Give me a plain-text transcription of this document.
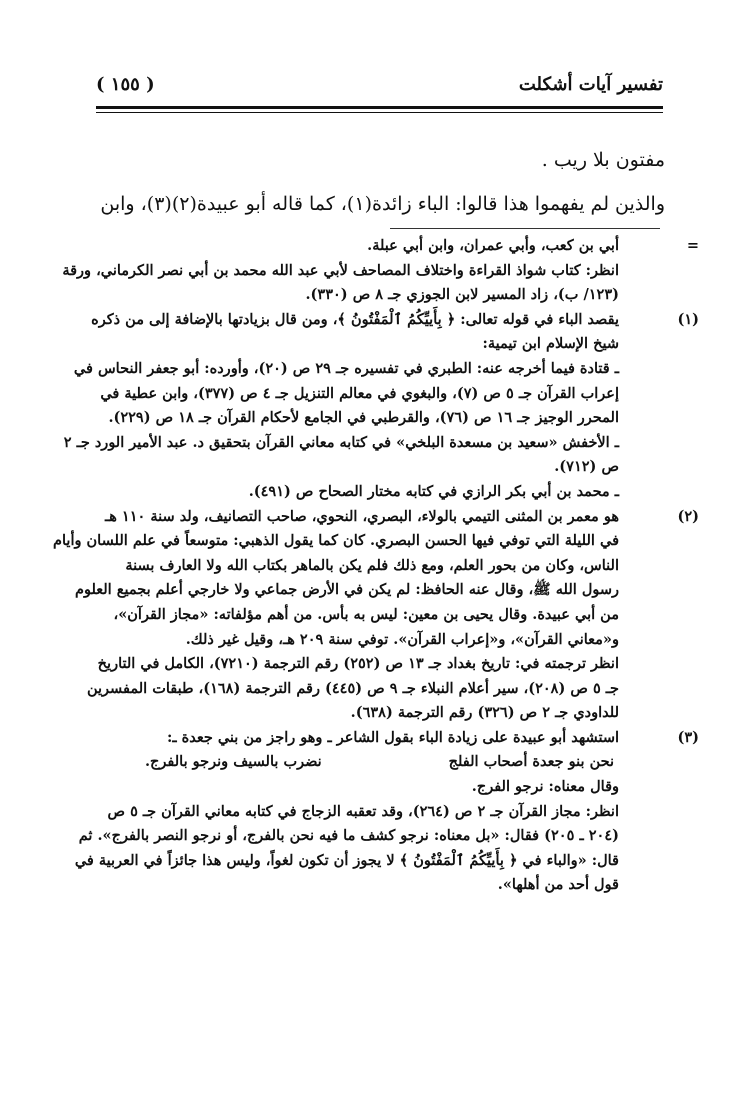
تفسير آيات أشكلت
( ١٥٥ )

مفتون بلا ريب .

والذين لم يفهموا هذا قالوا: الباء زائدة(١)، كما قاله أبو عبيدة(٢)(٣)، وابن

=أبي بن كعب، وأبي عمران، وابن أبي عبلة.
انظر: كتاب شواذ القراءة واختلاف المصاحف لأبي عبد الله محمد بن أبي نصر الكرماني، ورقة
(١٢٣/ ب)، زاد المسير لابن الجوزي جـ ٨ ص (٣٣٠).
(١)يقصد الباء في قوله تعالى: ﴿ بِأَييِّكُمُ ٱلْمَفْتُونُ ﴾، ومن قال بزيادتها بالإضافة إلى من ذكره
شيخ الإسلام ابن تيمية:
ـ قتادة فيما أخرجه عنه: الطبري في تفسيره جـ ٢٩ ص (٢٠)، وأورده: أبو جعفر النحاس في
إعراب القرآن جـ ٥ ص (٧)، والبغوي في معالم التنزيل جـ ٤ ص (٣٧٧)، وابن عطية في
المحرر الوجيز جـ ١٦ ص (٧٦)، والقرطبي في الجامع لأحكام القرآن جـ ١٨ ص (٢٢٩).
ـ الأخفش «سعيد بن مسعدة البلخي» في كتابه معاني القرآن بتحقيق د. عبد الأمير الورد جـ ٢
ص (٧١٢).
ـ محمد بن أبي بكر الرازي في كتابه مختار الصحاح ص (٤٩١).
(٢)هو معمر بن المثنى التيمي بالولاء، البصري، النحوي، صاحب التصانيف، ولد سنة ١١٠ هـ
في الليلة التي توفي فيها الحسن البصري. كان كما يقول الذهبي: متوسعاً في علم اللسان وأيام
الناس، وكان من بحور العلم، ومع ذلك فلم يكن بالماهر بكتاب الله ولا العارف بسنة
رسول الله ﷺ، وقال عنه الحافظ: لم يكن في الأرض جماعي ولا خارجي أعلم بجميع العلوم
من أبي عبيدة. وقال يحيى بن معين: ليس به بأس. من أهم مؤلفاته: «مجاز القرآن»،
و«معاني القرآن»، و«إعراب القرآن». توفي سنة ٢٠٩ هـ، وقيل غير ذلك.
انظر ترجمته في: تاريخ بغداد جـ ١٣ ص (٢٥٢) رقم الترجمة (٧٢١٠)، الكامل في التاريخ
جـ ٥ ص (٢٠٨)، سير أعلام النبلاء جـ ٩ ص (٤٤٥) رقم الترجمة (١٦٨)، طبقات المفسرين
للداودي جـ ٢ ص (٣٢٦) رقم الترجمة (٦٣٨).
(٣)استشهد أبو عبيدة على زيادة الباء بقول الشاعر ـ وهو راجز من بني جعدة ـ:
نحن بنو جعدة أصحاب الفلج
نضرب بالسيف ونرجو بالفرج.
وقال معناه: نرجو الفرج.
انظر: مجاز القرآن جـ ٢ ص (٢٦٤)، وقد تعقبه الزجاج في كتابه معاني القرآن جـ ٥ ص
(٢٠٤ ـ ٢٠٥) فقال: «بل معناه: نرجو كشف ما فيه نحن بالفرج، أو نرجو النصر بالفرج». ثم
قال: «والباء في ﴿ بِأَييِّكُمُ ٱلْمَفْتُونُ ﴾ لا يجوز أن تكون لغواً، وليس هذا جائزاً في العربية في
قول أحد من أهلها».
